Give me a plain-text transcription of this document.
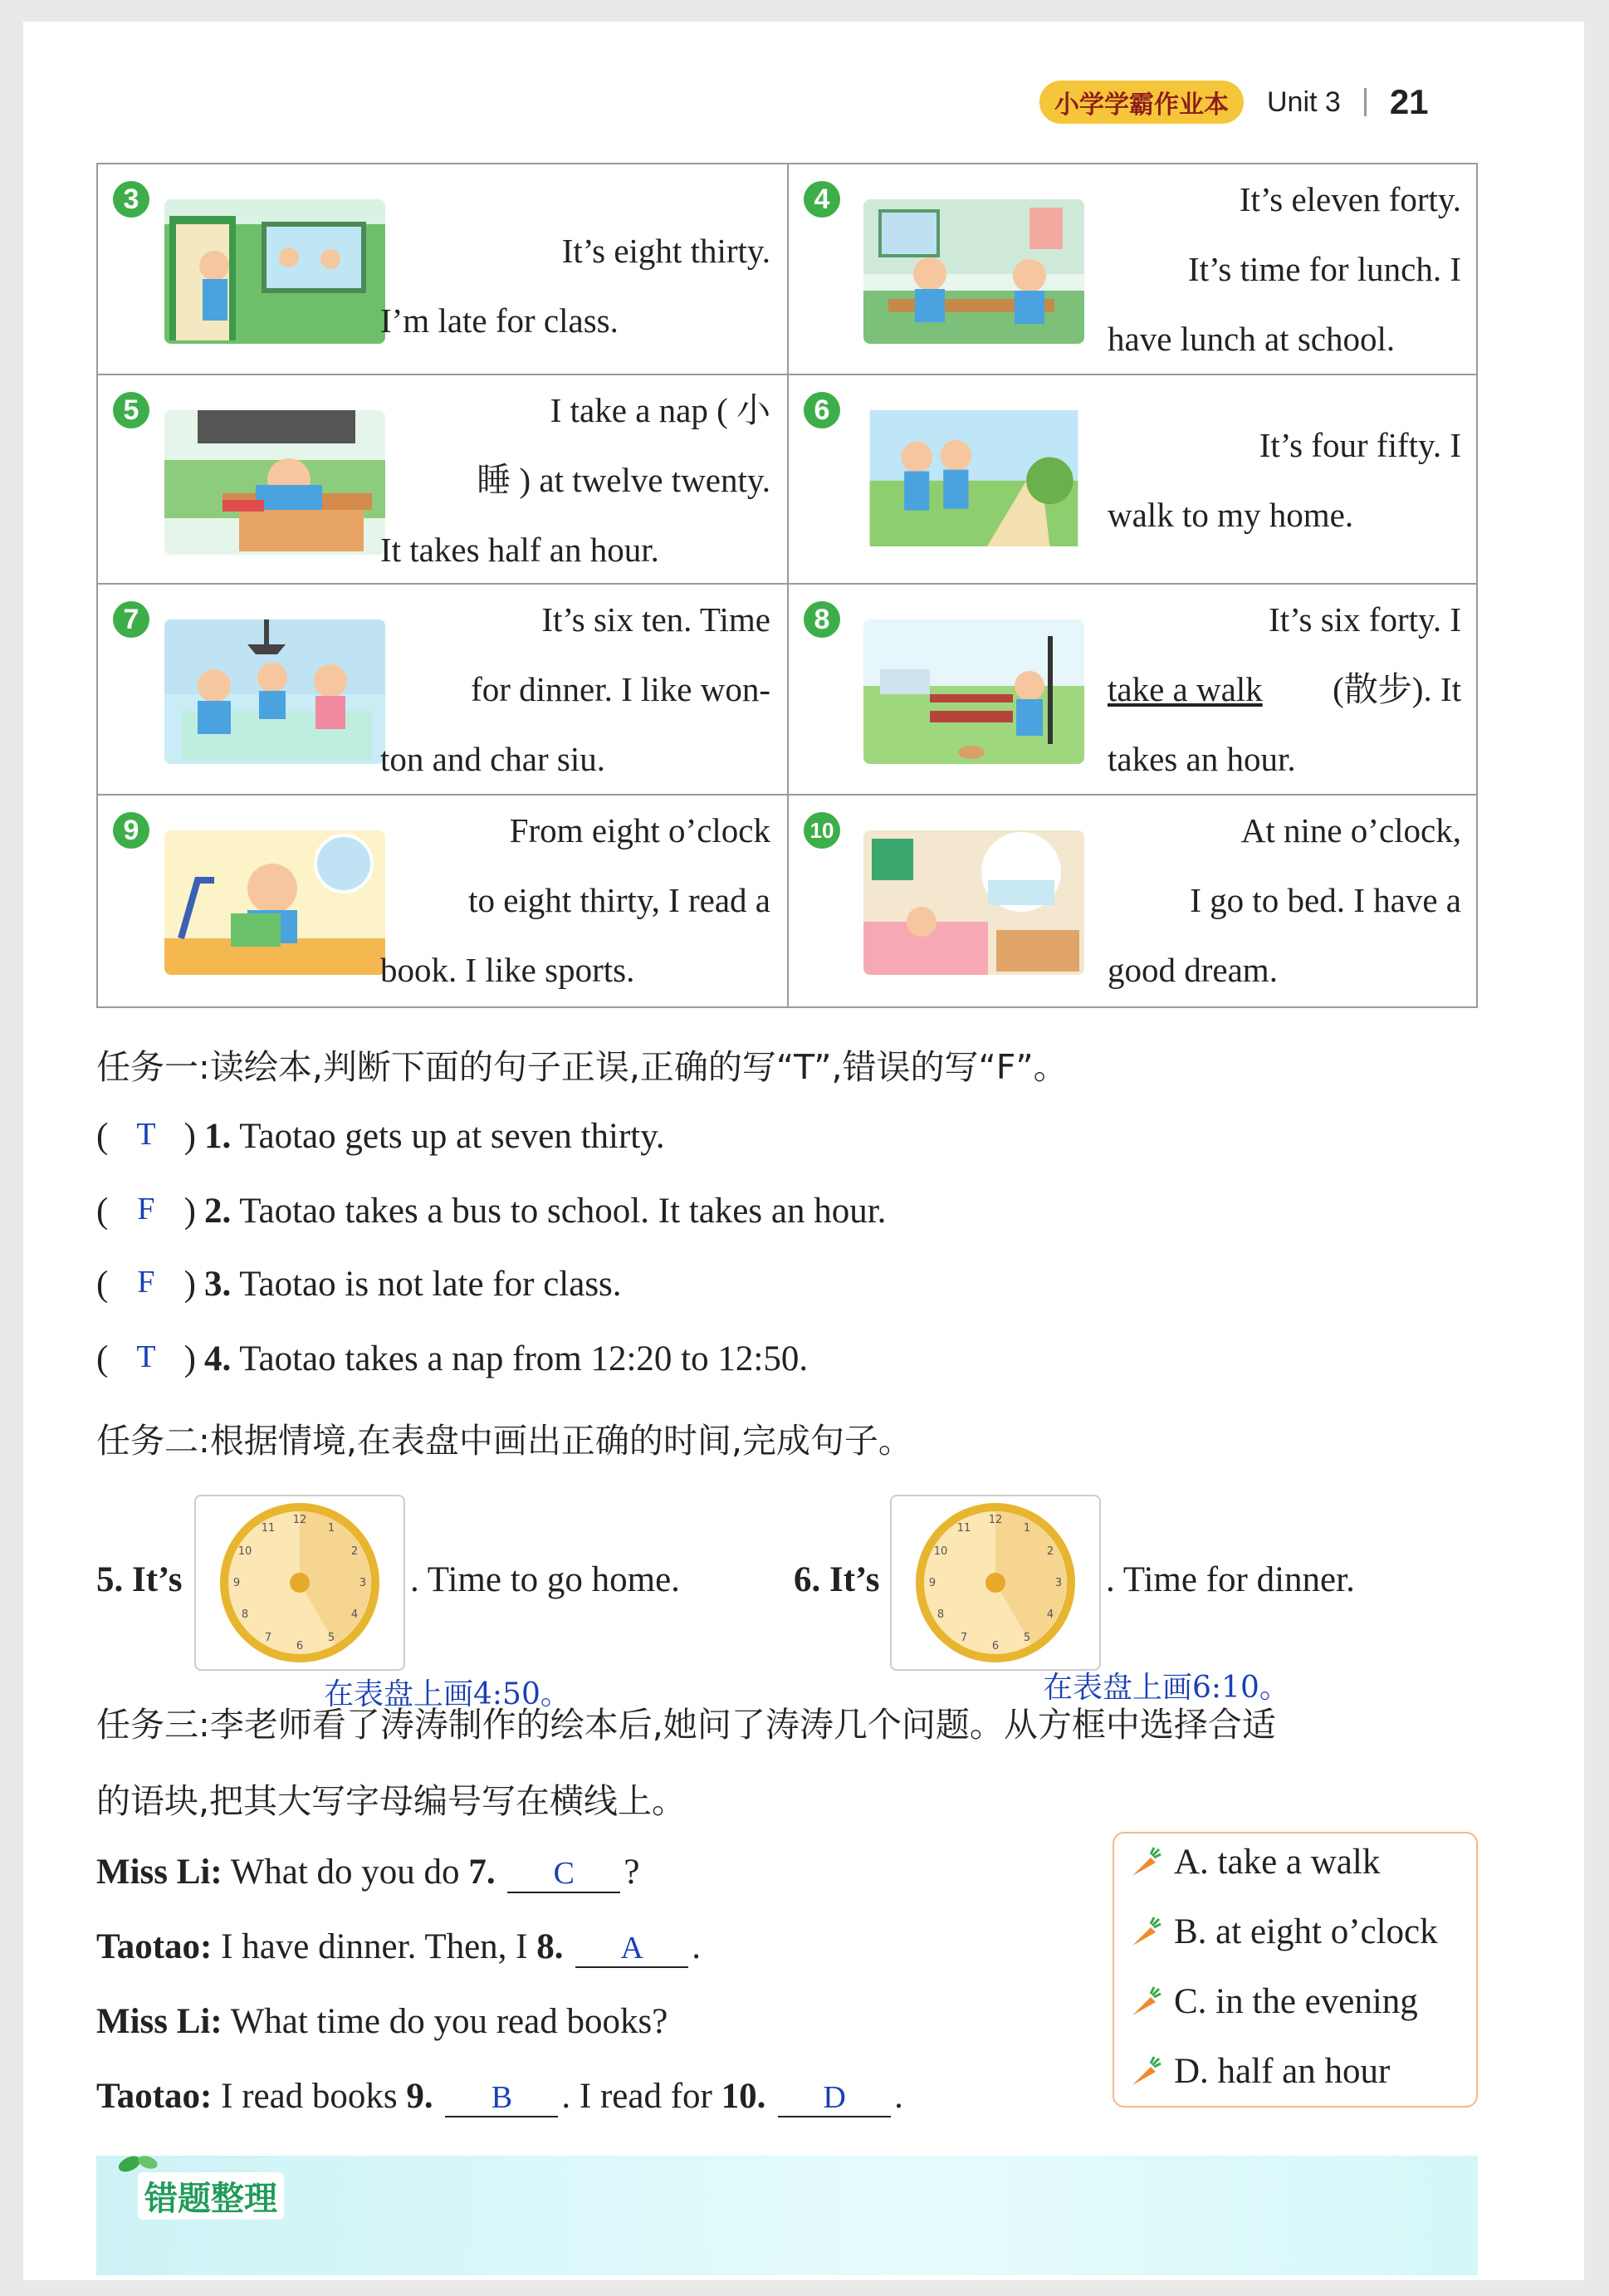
小学学霸作业本	Unit 3 21
3
It’s eight thirty.
I’m late for class.
4	It’s eleven forty.
It’s time for lunch. I
have lunch at school.
5	I take a nap ( 小
睡 ) at twelve twenty.
It takes half an hour.
6
It’s four fifty. I
walk to my home.
7	It’s six ten. Time
for dinner. I like won-
ton and char siu.
8	It’s six forty. I
take a walk (散步). It
takes an hour.
9	From eight o’clock
to eight thirty, I read a
book. I like sports.
10	At nine o’clock,
I go to bed. I have a
good dream.
任务一:读绘本,判断下面的句子正误,正确的写“T”,错误的写“F”。
( T ) 1. Taotao gets up at seven thirty.
( F ) 2. Taotao takes a bus to school. It takes an hour.
( F ) 3. Taotao is not late for class.
( T ) 4. Taotao takes a nap from 12:20 to 12:50.
任务二:根据情境,在表盘中画出正确的时间,完成句子。
5. It’s
12
1
2
3
4
5
6
7
8
9
10
11
. Time to go home.
在表盘上画4:50。
6. It’s
12
1
2
3
4
5
6
7
8
9
10
11
. Time for dinner.
在表盘上画6:10。
任务三:李老师看了涛涛制作的绘本后,她问了涛涛几个问题。从方框中选择合适
的语块,把其大写字母编号写在横线上。
Miss Li: What do you do 7. C ?
Taotao: I have dinner. Then, I 8. A .
Miss Li: What time do you read books?
Taotao: I read books 9. B . I read for 10. D .
A. take a walk
B. at eight o’clock
C. in the evening
D. half an hour
错题整理
